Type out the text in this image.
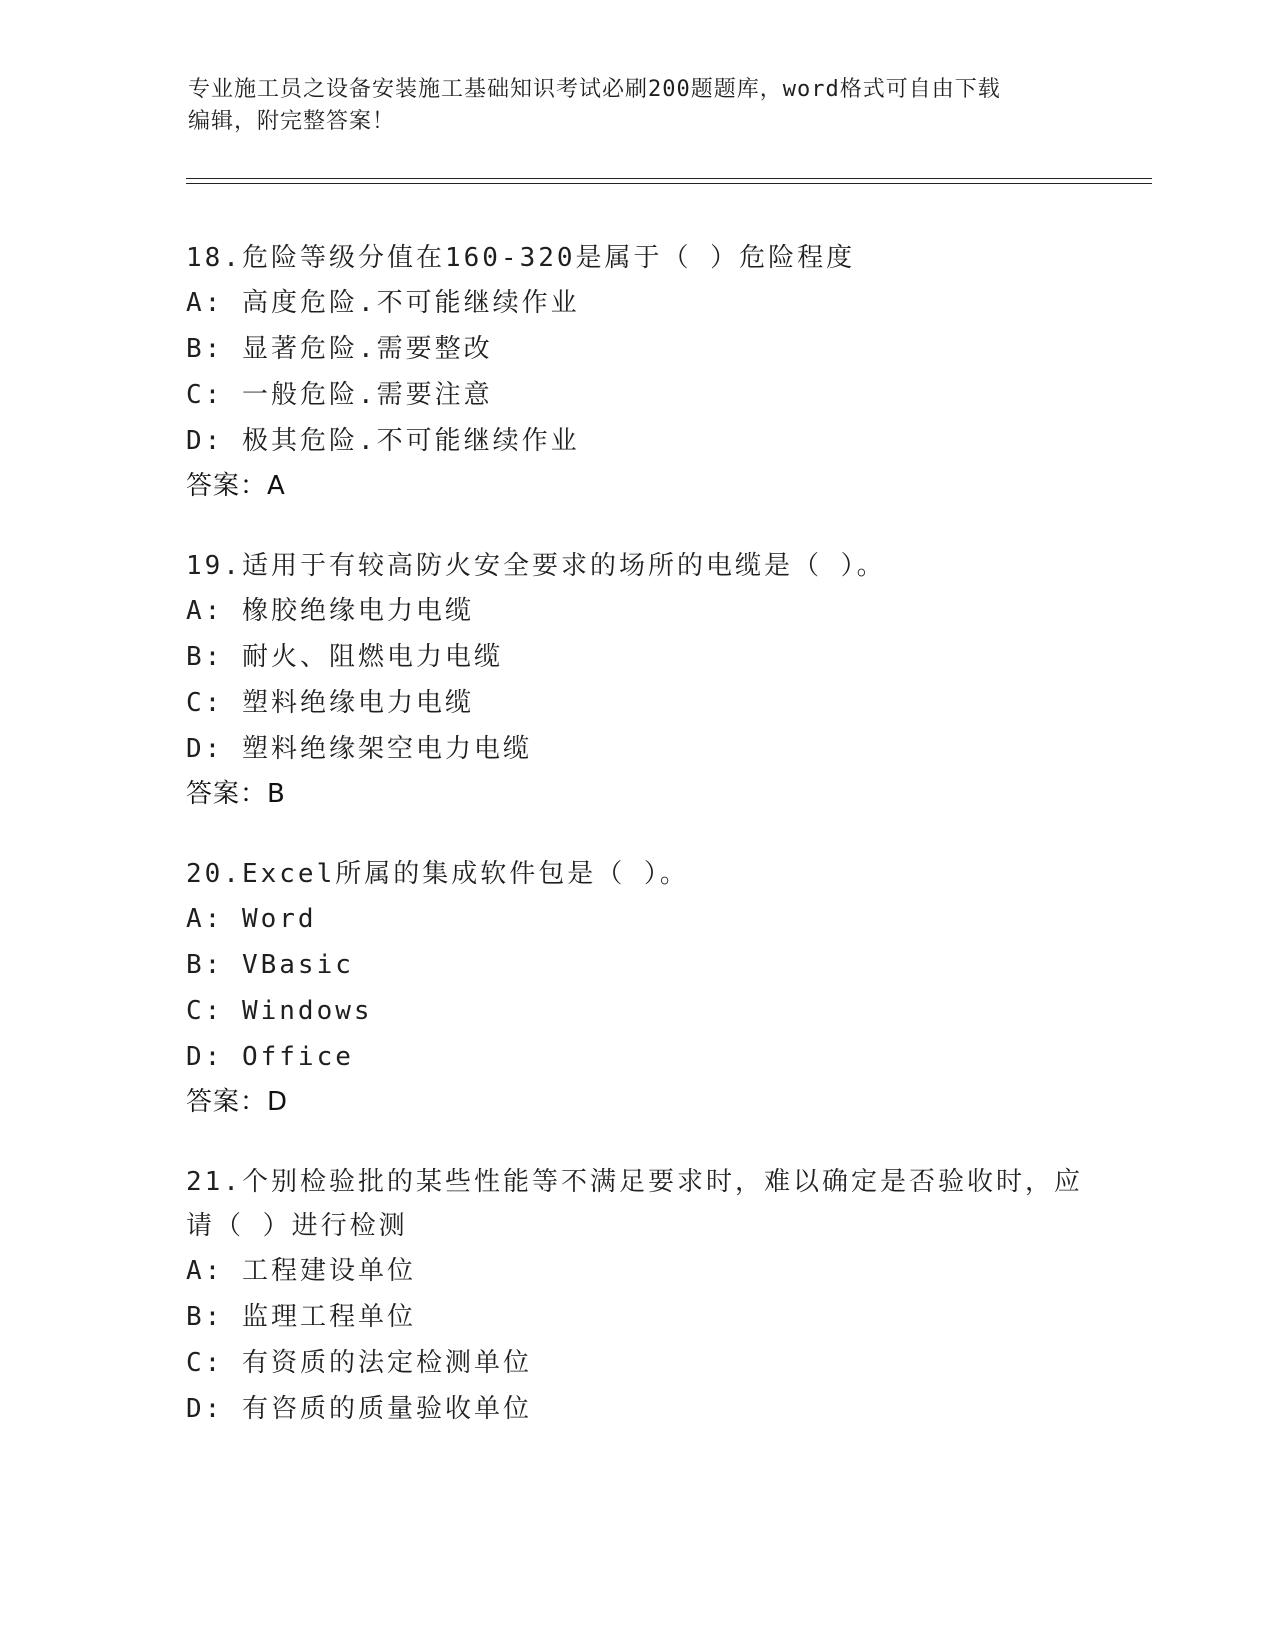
专业施工员之设备安装施工基础知识考试必刷200题题库，word格式可自由下载
编辑，附完整答案！
18.危险等级分值在160-320是属于（ ）危险程度
A: 高度危险.不可能继续作业
B: 显著危险.需要整改
C: 一般危险.需要注意
D: 极其危险.不可能继续作业
答案：A
19.适用于有较高防火安全要求的场所的电缆是（ ）。
A: 橡胶绝缘电力电缆
B: 耐火、阻燃电力电缆
C: 塑料绝缘电力电缆
D: 塑料绝缘架空电力电缆
答案：B
20.Excel所属的集成软件包是（ ）。
A: Word
B: VBasic
C: Windows
D: Office
答案：D
21.个别检验批的某些性能等不满足要求时，难以确定是否验收时，应
请（ ）进行检测
A: 工程建设单位
B: 监理工程单位
C: 有资质的法定检测单位
D: 有咨质的质量验收单位
